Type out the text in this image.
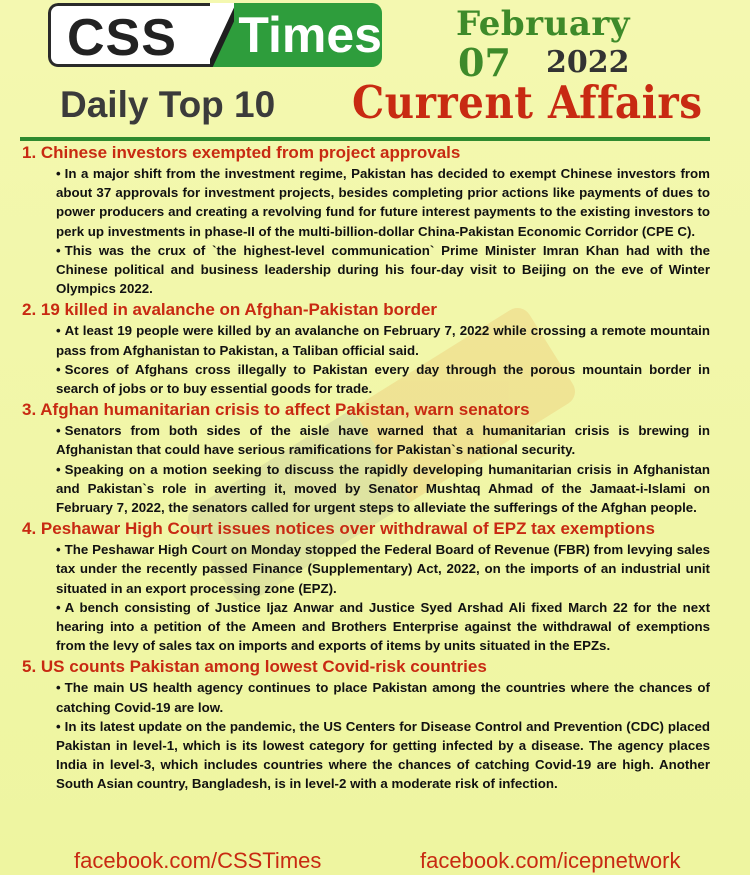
CSS	Times February
07 2022
Daily Top 10 Current Affairs
1. Chinese investors exempted from project approvals
• In a major shift from the investment regime, Pakistan has decided to exempt Chinese investors from about 37 approvals for investment projects, besides completing prior actions like payments of dues to power producers and creating a revolving fund for future interest payments to the existing investors to perk up investments in phase-II of the multi-billion-dollar China-Pakistan Economic Corridor (CPE C).
• This was the crux of `the highest-level communication` Prime Minister Imran Khan had with the Chinese political and business leadership during his four-day visit to Beijing on the eve of Winter Olympics 2022.
2. 19 killed in avalanche on Afghan-Pakistan border
• At least 19 people were killed by an avalanche on February 7, 2022 while crossing a remote mountain pass from Afghanistan to Pakistan, a Taliban official said.
• Scores of Afghans cross illegally to Pakistan every day through the porous mountain border in search of jobs or to buy essential goods for trade.
3. Afghan humanitarian crisis to affect Pakistan, warn senators
• Senators from both sides of the aisle have warned that a humanitarian crisis is brewing in Afghanistan that could have serious ramifications for Pakistan`s national security.
• Speaking on a motion seeking to discuss the rapidly developing humanitarian crisis in Afghanistan and Pakistan`s role in averting it, moved by Senator Mushtaq Ahmad of the Jamaat-i-Islami on February 7, 2022, the senators called for urgent steps to alleviate the sufferings of the Afghan people.
4. Peshawar High Court issues notices over withdrawal of EPZ tax exemptions
• The Peshawar High Court on Monday stopped the Federal Board of Revenue (FBR) from levying sales tax under the recently passed Finance (Supplementary) Act, 2022, on the imports of an industrial unit situated in an export processing zone (EPZ).
• A bench consisting of Justice Ijaz Anwar and Justice Syed Arshad Ali fixed March 22 for the next hearing into a petition of the Ameen and Brothers Enterprise against the withdrawal of exemptions from the levy of sales tax on imports and exports of items by units situated in the EPZs.
5. US counts Pakistan among lowest Covid-risk countries
• The main US health agency continues to place Pakistan among the countries where the chances of catching Covid-19 are low.
• In its latest update on the pandemic, the US Centers for Disease Control and Prevention (CDC) placed Pakistan in level-1, which is its lowest category for getting infected by a disease. The agency places India in level-3, which includes countries where the chances of catching Covid-19 are high. Another South Asian country, Bangladesh, is in level-2 with a moderate risk of infection.
facebook.com/CSSTimes	facebook.com/icepnetwork
